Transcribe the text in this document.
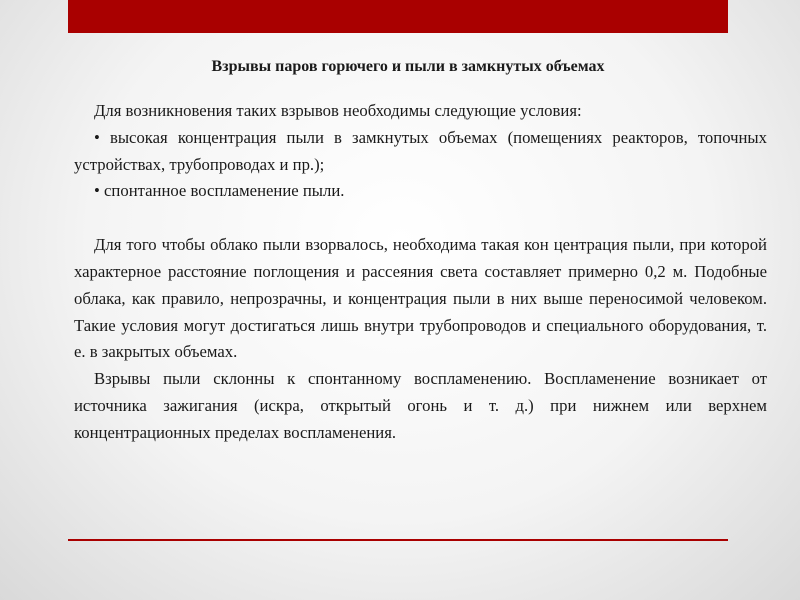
Взрывы паров горючего и пыли в замкнутых объемах

Для возникновения таких взрывов необходимы следующие условия:

• высокая концентрация пыли в замкнутых объемах (помещениях реакторов, топочных устройствах, трубопроводах и пр.);

• спонтанное воспламенение пыли.

Для того чтобы облако пыли взорвалось, необходима такая кон центрация пыли, при которой характерное расстояние поглощения и рассеяния света составляет примерно 0,2 м. Подобные облака, как правило, непрозрачны, и концентрация пыли в них выше переносимой человеком. Такие условия могут достигаться лишь внутри трубопроводов и специального оборудования, т. е. в закрытых объемах.

Взрывы пыли склонны к спонтанному воспламенению. Воспламенение возникает от источника зажигания (искра, открытый огонь и т. д.) при нижнем или верхнем концентрационных пределах воспламенения.
